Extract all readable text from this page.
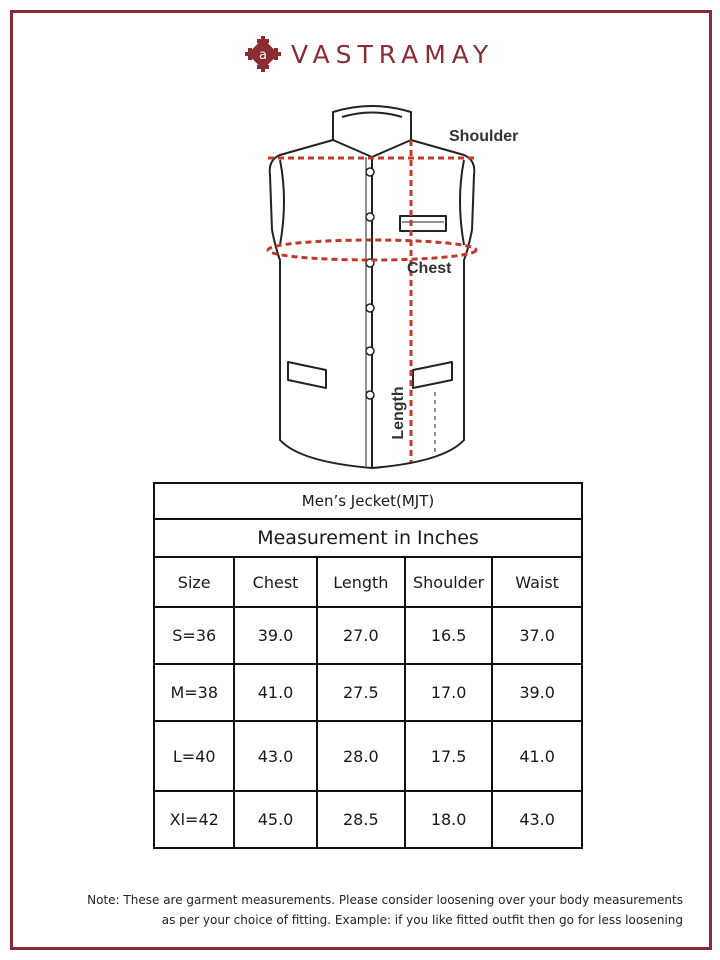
a VASTRAMAY
Shoulder
Chest
Length
Men’s Jecket(MJT)				
Measurement in Inches				
Size	Chest	Length	Shoulder	Waist
S=36	39.0	27.0	16.5	37.0
M=38	41.0	27.5	17.0	39.0
L=40	43.0	28.0	17.5	41.0
Xl=42	45.0	28.5	18.0	43.0
Note: These are garment measurements. Please consider loosening over your body measurements
as per your choice of fitting. Example: if you like fitted outfit then go for less loosening
